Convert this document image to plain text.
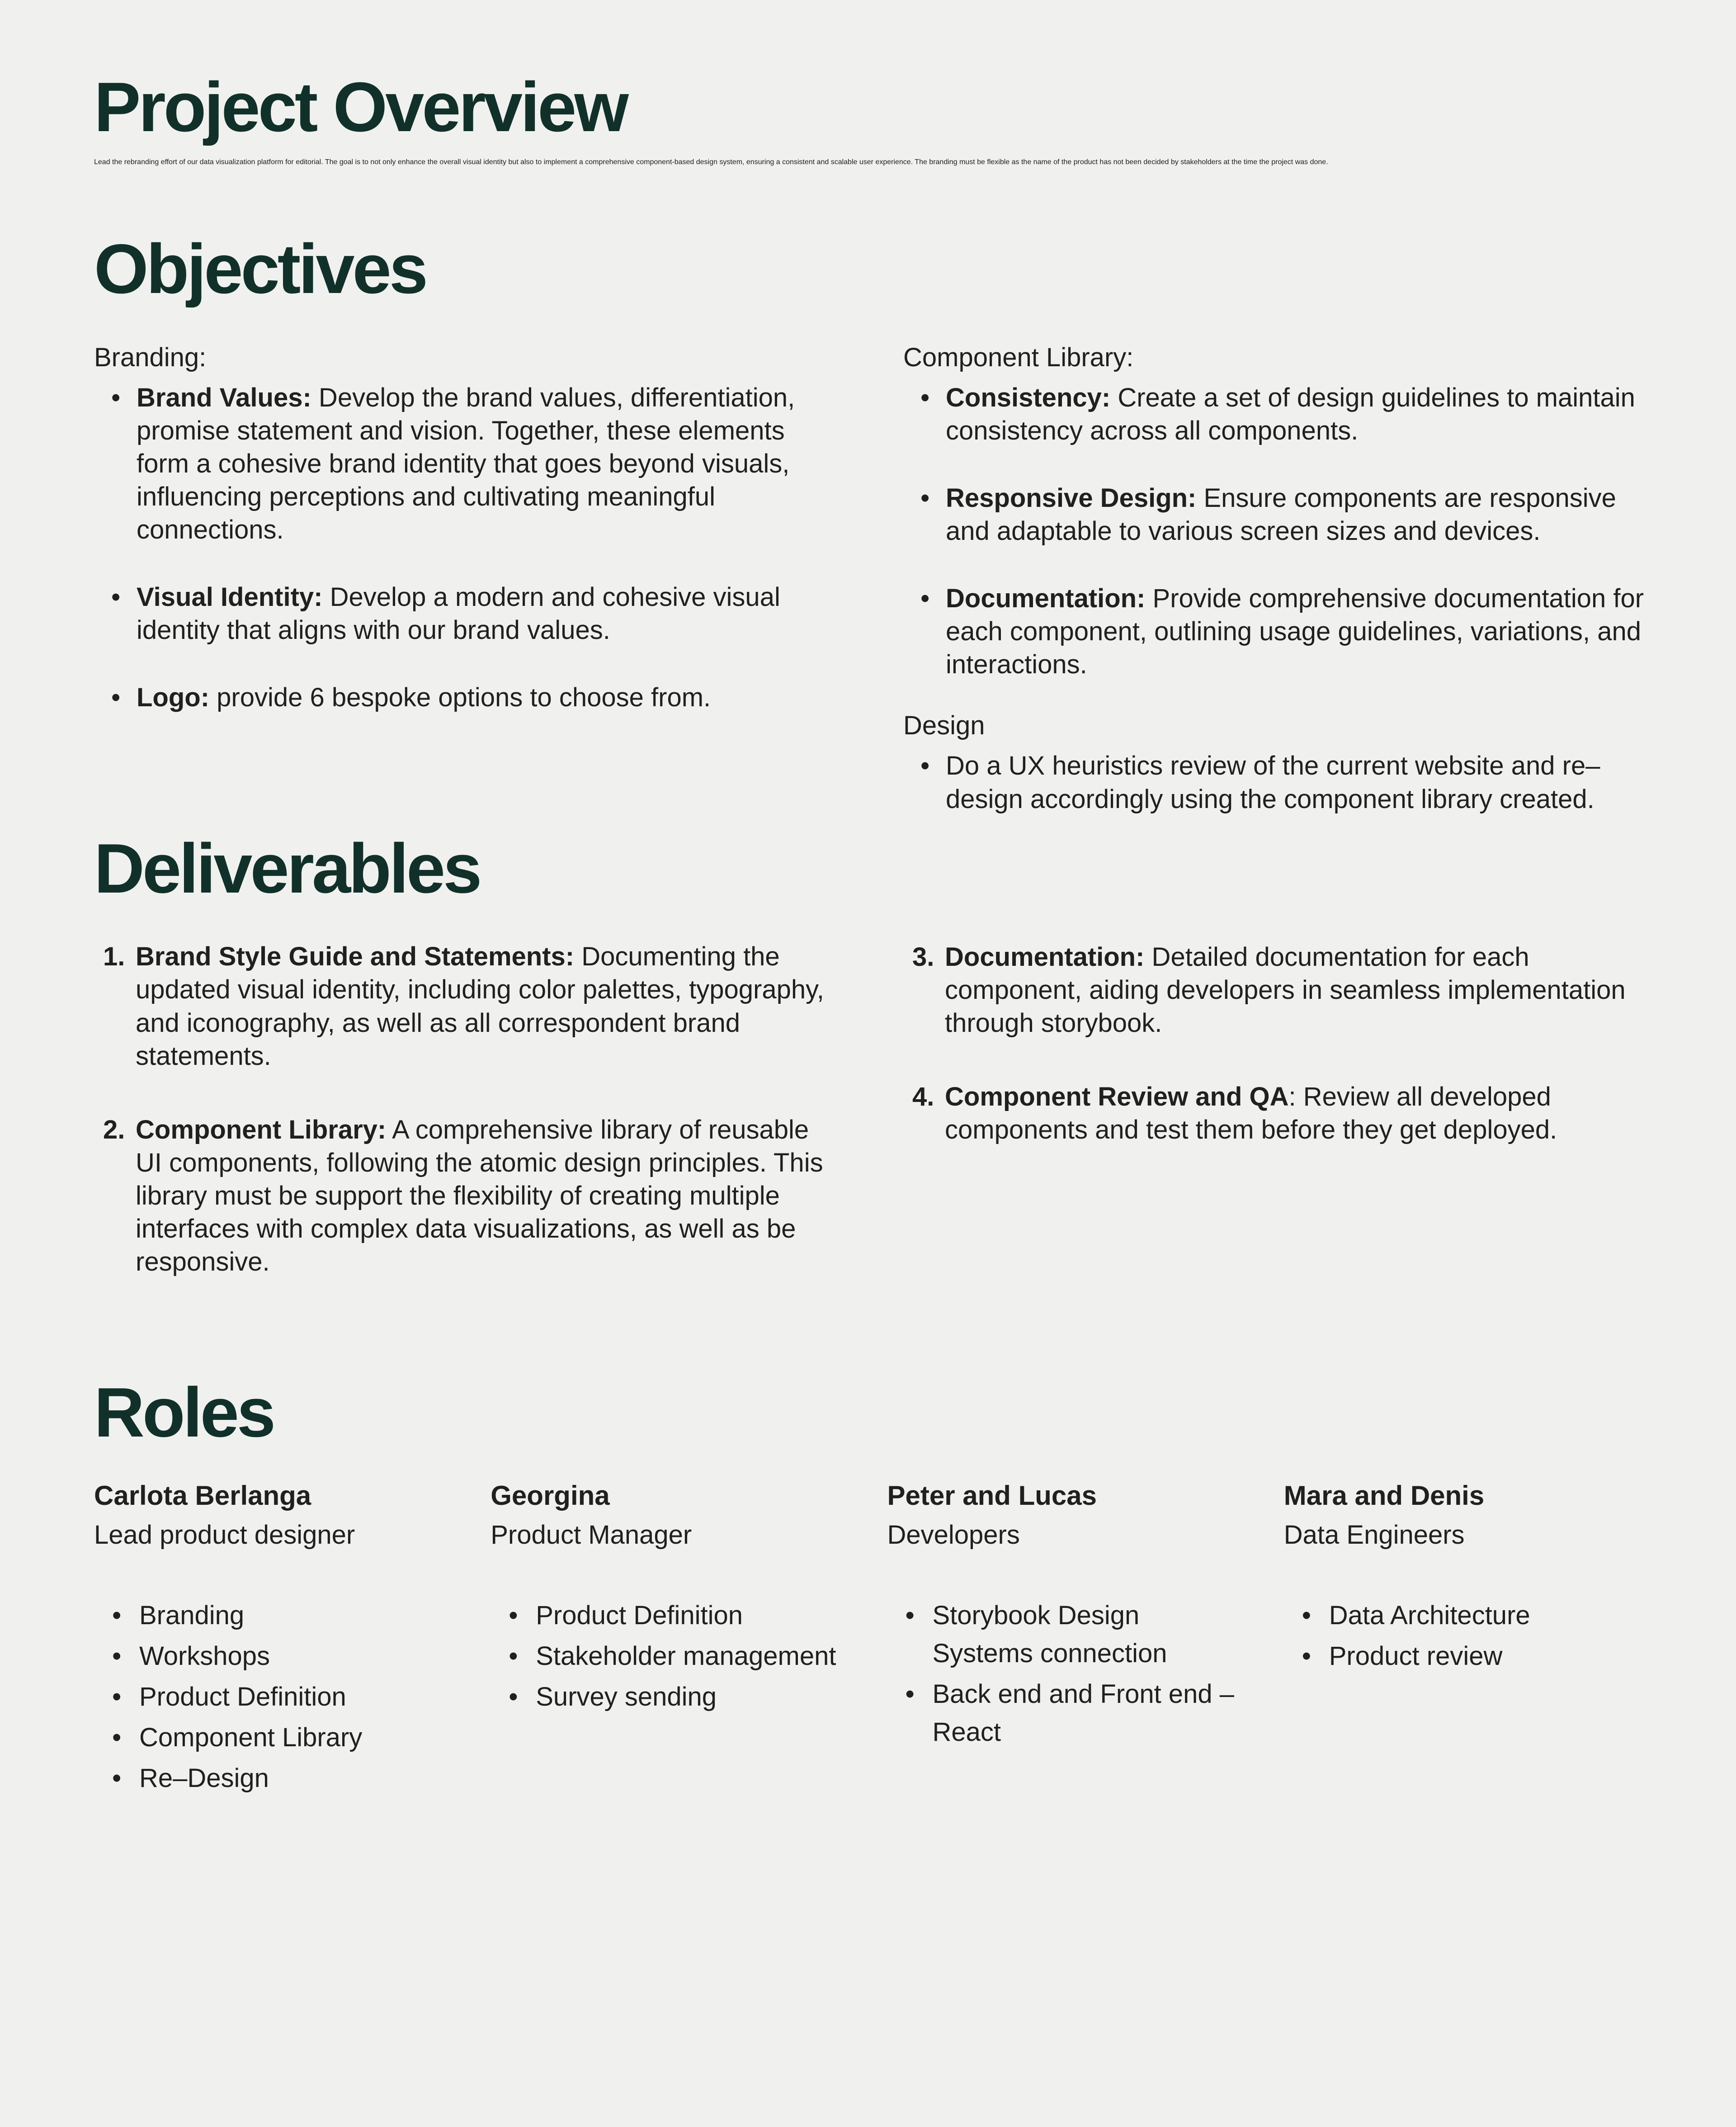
Project Overview

Lead the rebranding effort of our data visualization platform for editorial. The goal is to not only enhance the overall visual identity but also to implement a comprehensive component-based design system, ensuring a consistent and scalable user experience. The branding must be flexible as the name of the product has not been decided by stakeholders at the time the project was done.

Objectives
Branding:
• Brand Values: Develop the brand values, differentiation, promise statement and vision. Together, these elements form a cohesive brand identity that goes beyond visuals, influencing perceptions and cultivating meaningful connections.
• Visual Identity: Develop a modern and cohesive visual identity that aligns with our brand values.
• Logo: provide 6 bespoke options to choose from.
Component Library:
• Consistency: Create a set of design guidelines to maintain consistency across all components.
• Responsive Design: Ensure components are responsive and adaptable to various screen sizes and devices.
• Documentation: Provide comprehensive documentation for each component, outlining usage guidelines, variations, and interactions.
Design
• Do a UX heuristics review of the current website and re–design accordingly using the component library created.
Deliverables
1. Brand Style Guide and Statements: Documenting the updated visual identity, including color palettes, typography, and iconography, as well as all correspondent brand statements.
2. Component Library: A comprehensive library of reusable UI components, following the atomic design principles. This library must be support the flexibility of creating multiple interfaces with complex data visualizations, as well as be responsive.
3. Documentation: Detailed documentation for each component, aiding developers in seamless implementation through storybook.
4. Component Review and QA: Review all developed components and test them before they get deployed.
Roles
Carlota Berlanga
Lead product designer
• Branding
• Workshops
• Product Definition
• Component Library
• Re–Design
Georgina
Product Manager
• Product Definition
• Stakeholder management
• Survey sending
Peter and Lucas
Developers
• Storybook Design Systems connection
• Back end and Front end – React
Mara and Denis
Data Engineers
• Data Architecture
• Product review
